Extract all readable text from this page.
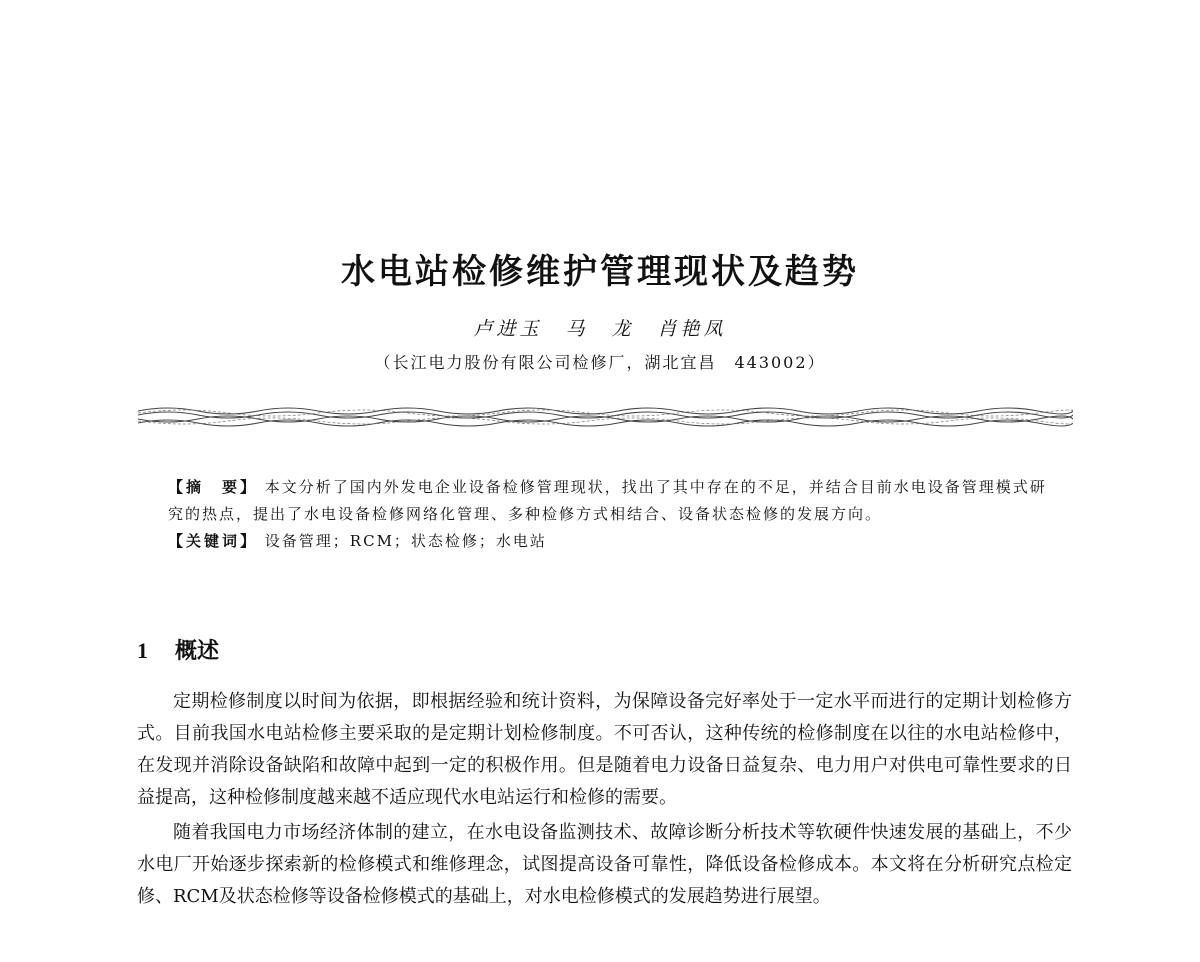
水电站检修维护管理现状及趋势
卢进玉　马　龙　肖艳凤
（长江电力股份有限公司检修厂，湖北宜昌　443002）

【摘　要】 本文分析了国内外发电企业设备检修管理现状，找出了其中存在的不足，并结合目前水电设备管理模式研究的热点，提出了水电设备检修网络化管理、多种检修方式相结合、设备状态检修的发展方向。

【关键词】 设备管理；RCM；状态检修；水电站

1 概述

定期检修制度以时间为依据，即根据经验和统计资料，为保障设备完好率处于一定水平而进行的定期计划检修方式。目前我国水电站检修主要采取的是定期计划检修制度。不可否认，这种传统的检修制度在以往的水电站检修中，在发现并消除设备缺陷和故障中起到一定的积极作用。但是随着电力设备日益复杂、电力用户对供电可靠性要求的日益提高，这种检修制度越来越不适应现代水电站运行和检修的需要。

随着我国电力市场经济体制的建立，在水电设备监测技术、故障诊断分析技术等软硬件快速发展的基础上，不少水电厂开始逐步探索新的检修模式和维修理念，试图提高设备可靠性，降低设备检修成本。本文将在分析研究点检定修、RCM及状态检修等设备检修模式的基础上，对水电检修模式的发展趋势进行展望。
